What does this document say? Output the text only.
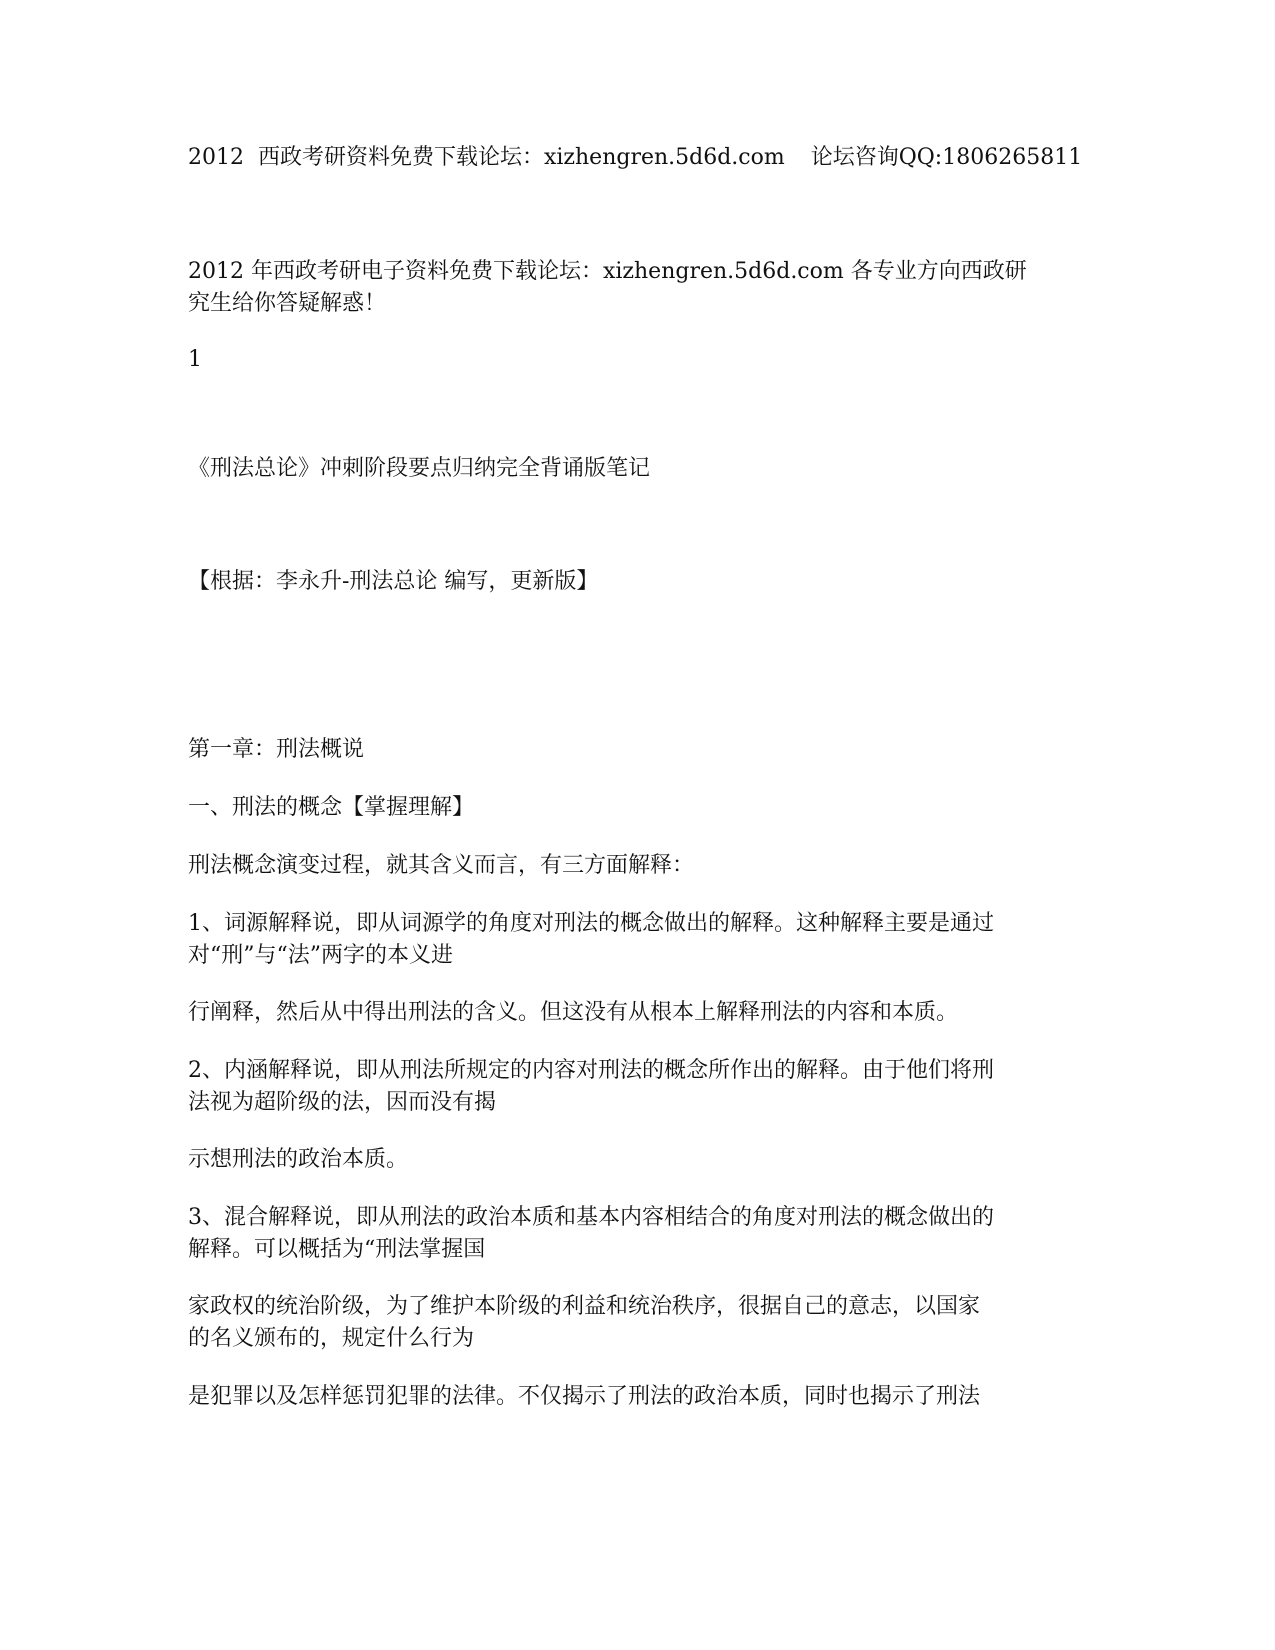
2012  西政考研资料免费下载论坛：xizhengren.5d6d.com 论坛咨询QQ:1806265811
2012 年西政考研电子资料免费下载论坛：xizhengren.5d6d.com 各专业方向西政研
究生给你答疑解惑！
1
《刑法总论》冲刺阶段要点归纳完全背诵版笔记
【根据：李永升-刑法总论 编写，更新版】
第一章：刑法概说
一、刑法的概念【掌握理解】
刑法概念演变过程，就其含义而言，有三方面解释：
1、词源解释说，即从词源学的角度对刑法的概念做出的解释。这种解释主要是通过
对“刑”与“法”两字的本义进
行阐释，然后从中得出刑法的含义。但这没有从根本上解释刑法的内容和本质。
2、内涵解释说，即从刑法所规定的内容对刑法的概念所作出的解释。由于他们将刑
法视为超阶级的法，因而没有揭
示想刑法的政治本质。
3、混合解释说，即从刑法的政治本质和基本内容相结合的角度对刑法的概念做出的
解释。可以概括为“刑法掌握国
家政权的统治阶级，为了维护本阶级的利益和统治秩序，很据自己的意志，以国家
的名义颁布的，规定什么行为
是犯罪以及怎样惩罚犯罪的法律。不仅揭示了刑法的政治本质，同时也揭示了刑法
